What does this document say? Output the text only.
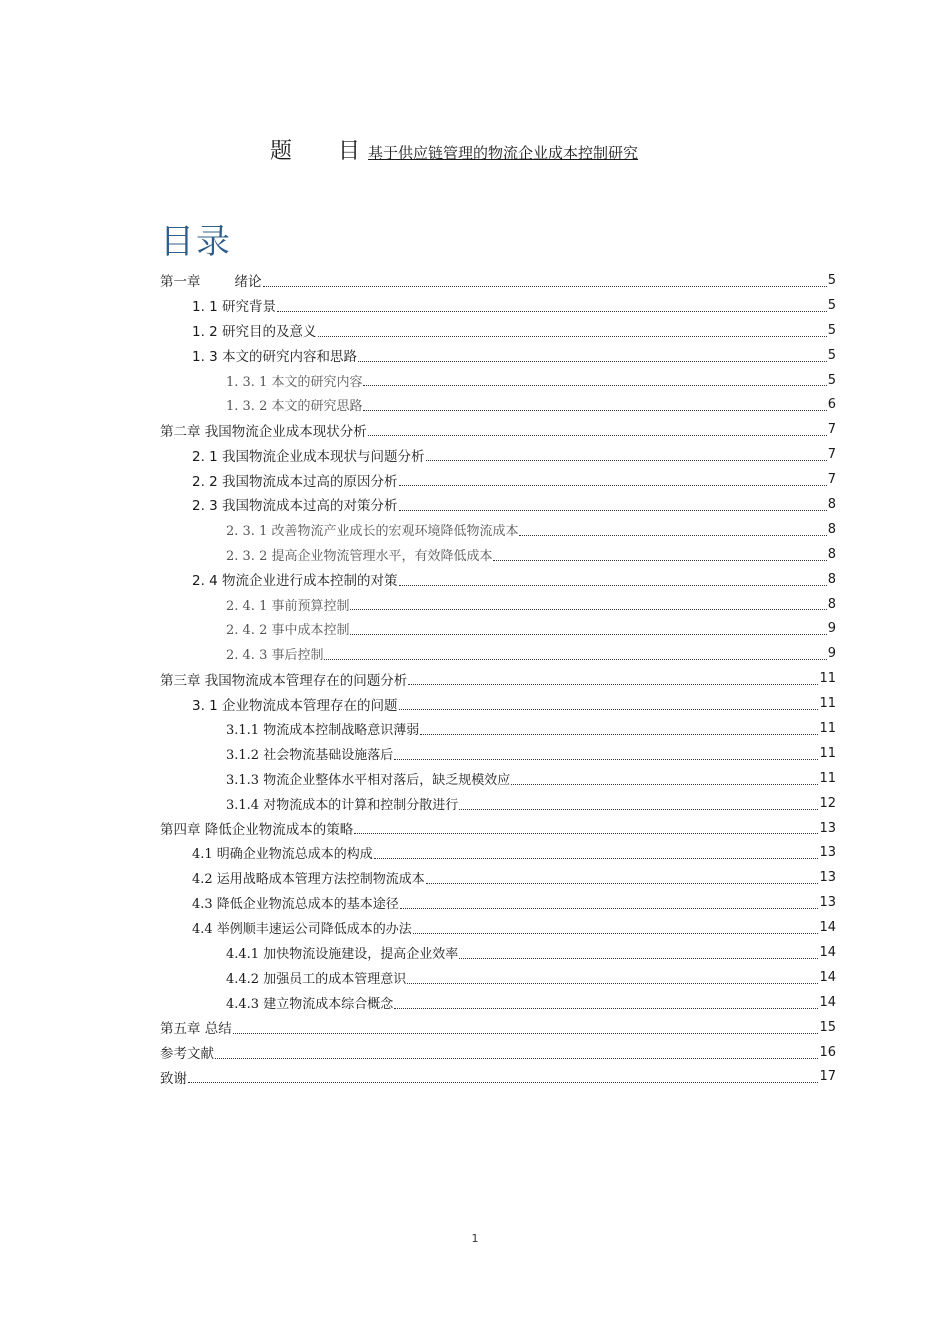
题 目 基于供应链管理的物流企业成本控制研究
目录
第一章	绪论	5
1. 1 研究背景	5
1. 2 研究目的及意义	5
1. 3 本文的研究内容和思路	5
1. 3. 1 本文的研究内容	5
1. 3. 2 本文的研究思路	6
第二章 我国物流企业成本现状分析	7
2. 1 我国物流企业成本现状与问题分析	7
2. 2 我国物流成本过高的原因分析	7
2. 3 我国物流成本过高的对策分析	8
2. 3. 1 改善物流产业成长的宏观环境降低物流成本	8
2. 3. 2 提高企业物流管理水平，有效降低成本	8
2. 4 物流企业进行成本控制的对策	8
2. 4. 1 事前预算控制	8
2. 4. 2 事中成本控制	9
2. 4. 3 事后控制	9
第三章 我国物流成本管理存在的问题分析	11
3. 1 企业物流成本管理存在的问题	11
3.1.1 物流成本控制战略意识薄弱	11
3.1.2 社会物流基础设施落后	11
3.1.3 物流企业整体水平相对落后，缺乏规模效应	11
3.1.4 对物流成本的计算和控制分散进行	12
第四章 降低企业物流成本的策略	13
4.1 明确企业物流总成本的构成	13
4.2 运用战略成本管理方法控制物流成本	13
4.3 降低企业物流总成本的基本途径	13
4.4 举例顺丰速运公司降低成本的办法	14
4.4.1 加快物流设施建设，提高企业效率	14
4.4.2 加强员工的成本管理意识	14
4.4.3 建立物流成本综合概念	14
第五章 总结	15
参考文献	16
致谢	17
1
